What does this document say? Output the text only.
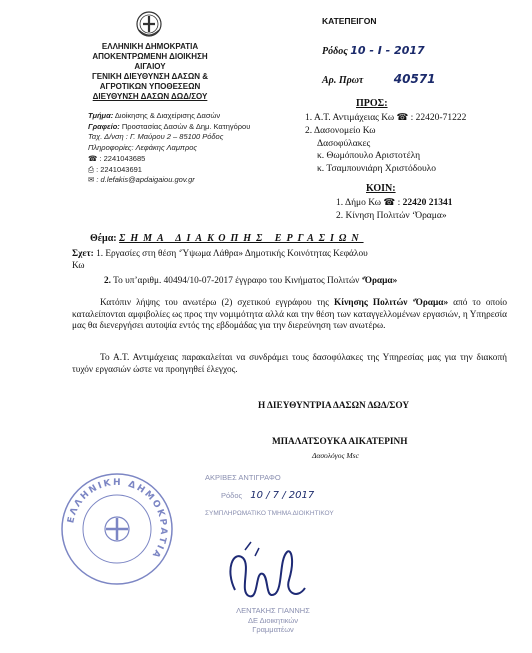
ΕΛΛΗΝΙΚΗ ΔΗΜΟΚΡΑΤΙΑ
ΑΠΟΚΕΝΤΡΩΜΕΝΗ ΔΙΟΙΚΗΣΗ
ΑΙΓΑΙΟΥ
ΓΕΝΙΚΗ ΔΙΕΥΘΥΝΣΗ ΔΑΣΩΝ &
ΑΓΡΟΤΙΚΩΝ ΥΠΟΘΕΣΕΩΝ
ΔΙΕΥΘΥΝΣΗ ΔΑΣΩΝ ΔΩΔ/ΣΟΥ
Τμήμα: Διοίκησης & Διαχείρισης Δασών
Γραφείο: Προστασίας Δασών & Δημ. Κατηγόρου
Ταχ. Δ/νση : Γ. Μαύρου 2 – 85100 Ρόδος
Πληροφορίες: Λεφάκης Λαμπρος
☎ : 2241043685
⎙ : 2241043691
✉ : d.lefakis@apdaigaiou.gov.gr
ΚΑΤΕΠΕΙΓΟΝ
Ρόδος 10 - Ι - 2017
Αρ. Πρωτ	40571
ΠΡΟΣ:
1. Α.Τ. Αντιμάχειας Κω ☎ : 22420-71222
2. Δασονομείο Κω
Δασοφύλακες
κ. Θωμόπουλο Αριστοτέλη
κ. Τσαμπουνιάρη Χριστόδουλο
ΚΟΙΝ:
1. Δήμο Κω ☎ : 22420 21341
2. Κίνηση Πολιτών ‘Όραμα»
Θέμα: ΣΗΜΑ ΔΙΑΚΟΠΗΣ ΕΡΓΑΣΙΩΝ
Σχετ: 1. Εργασίες στη θέση ‘Ύψωμα Λάθρα» Δημοτικής Κοινότητας Κεφάλου
Κω
2. Το υπ’αριθμ. 40494/10-07-2017 έγγραφο του Κινήματος Πολιτών ‘Όραμα»
Κατόπιν λήψης του ανωτέρω (2) σχετικού εγγράφου της Κίνησης Πολιτών ‘Όραμα» από το οποίο καταλείπονται αμφιβολίες ως προς την νομιμότητα αλλά και την θέση των καταγγελλομένων εργασιών, η Υπηρεσία μας θα διενεργήσει αυτοψία εντός της εβδομάδας για την διερεύνηση των ανωτέρω.
Το Α.Τ. Αντιμάχειας παρακαλείται να συνδράμει τους δασοφύλακες της Υπηρεσίας μας για την διακοπή τυχόν εργασιών ώστε να προηγηθεί έλεγχος.
Η ΔΙΕΥΘΥΝΤΡΙΑ ΔΑΣΩΝ ΔΩΔ/ΣΟΥ
ΜΠΑΛΑΤΣΟΥΚΑ ΑΙΚΑΤΕΡΙΝΗ
Δασολόγος Msc
ΕΛΛΗΝΙΚΗ ΔΗΜΟΚΡΑΤΙΑ
ΑΚΡΙΒΕΣ ΑΝΤΙΓΡΑΦΟ
Ρόδος 10 / 7 / 2017
ΣΥΜΠΛΗΡΩΜΑΤΙΚΟ ΤΜΗΜΑ ΔΙΟΙΚΗΤΙΚΟΥ
ΛΕΝΤΑΚΗΣ ΓΙΑΝΝΗΣ
ΔΕ Διοικητικών
Γραμματέων
